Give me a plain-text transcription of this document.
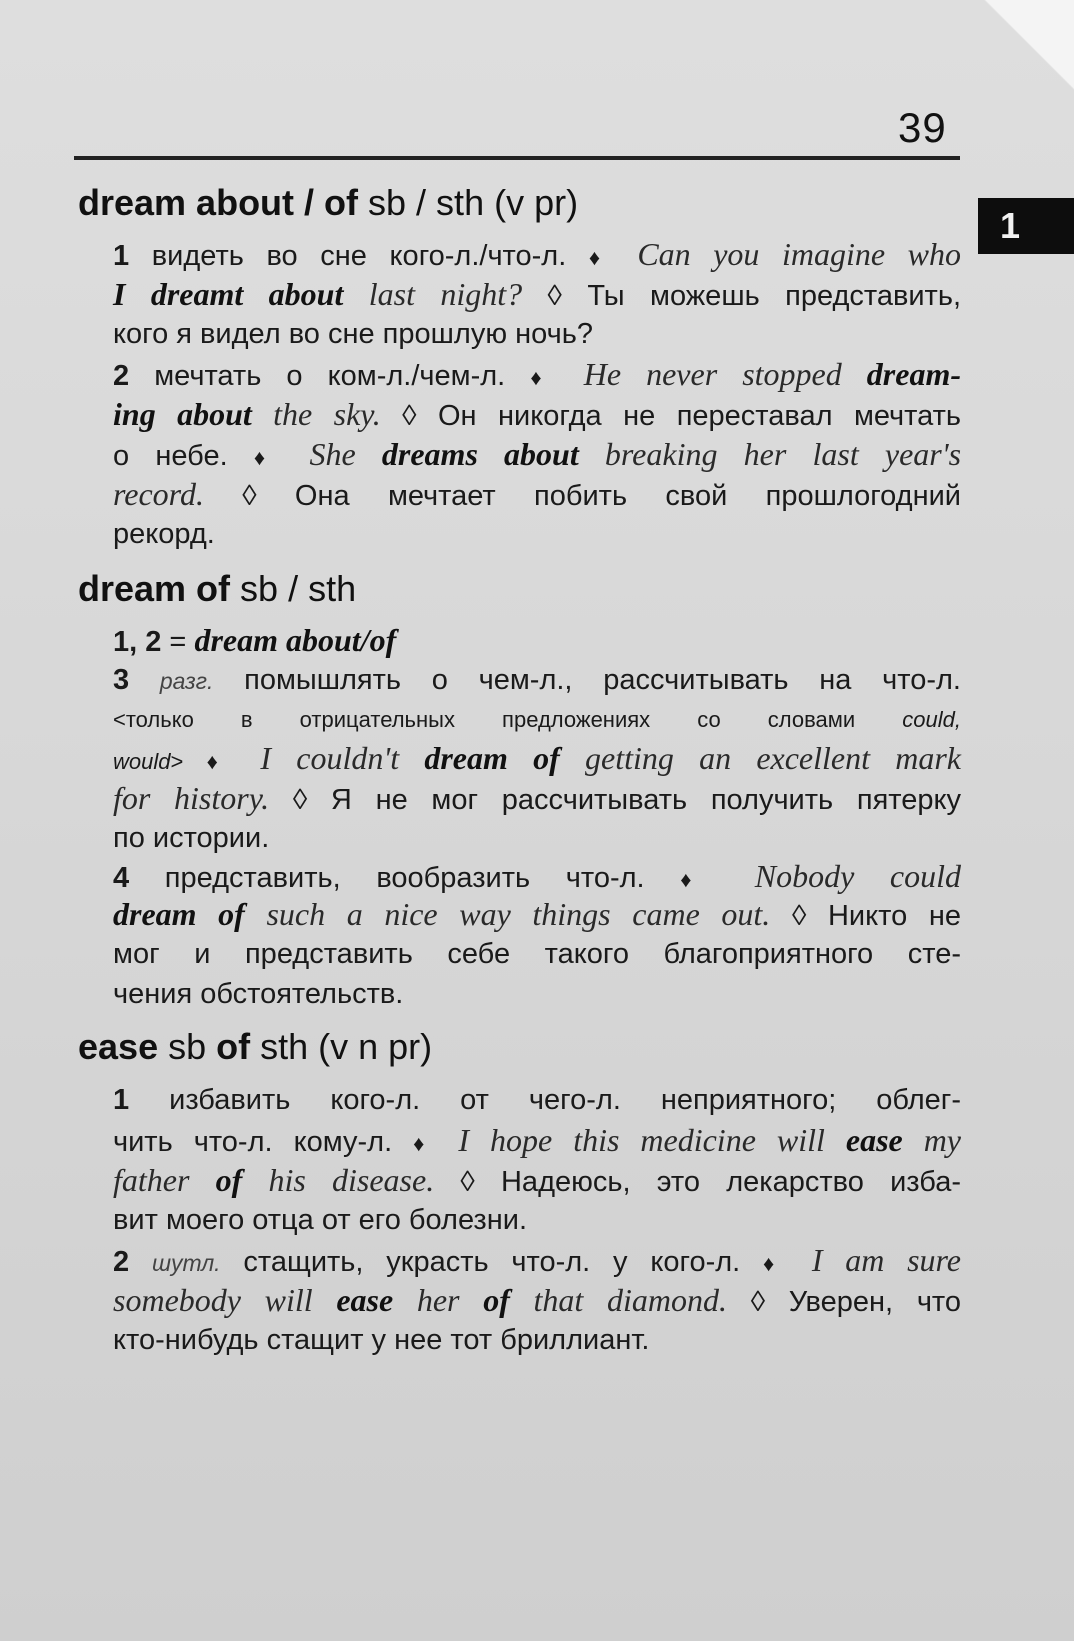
39
1
dream about / of sb / sth (v pr)
1 видеть во сне кого-л./что-л. ♦ Can you imagine who
I dreamt about last night? ◊ Ты можешь представить,
кого я видел во сне прошлую ночь?
2 мечтать о ком-л./чем-л. ♦ He never stopped dream-
ing about the sky. ◊ Он никогда не переставал мечтать
о небе. ♦ She dreams about breaking her last year's
record. ◊ Она мечтает побить свой прошлогодний
рекорд.
dream of sb / sth
1, 2 = dream about/of
3 разг. помышлять о чем-л., рассчитывать на что-л.
<только в отрицательных предложениях со словами could,
would> ♦ I couldn't dream of getting an excellent mark
for history. ◊ Я не мог рассчитывать получить пятерку
по истории.
4 представить, вообразить что-л. ♦ Nobody could
dream of such a nice way things came out. ◊ Никто не
мог и представить себе такого благоприятного сте-
чения обстоятельств.
ease sb of sth (v n pr)
1 избавить кого-л. от чего-л. неприятного; облег-
чить что-л. кому-л. ♦ I hope this medicine will ease my
father of his disease. ◊ Надеюсь, это лекарство изба-
вит моего отца от его болезни.
2 шутл. стащить, украсть что-л. у кого-л. ♦ I am sure
somebody will ease her of that diamond. ◊ Уверен, что
кто-нибудь стащит у нее тот бриллиант.
